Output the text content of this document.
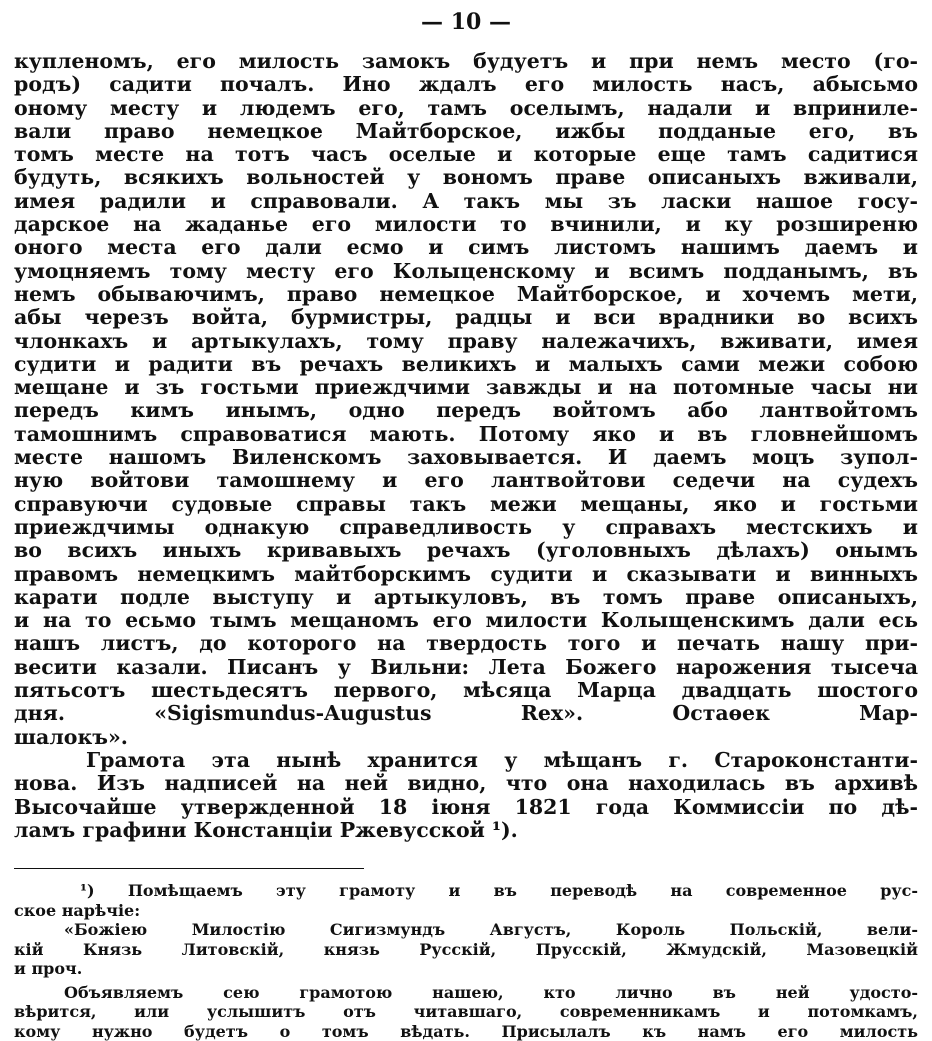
— 10 —
купленомъ, его милость замокъ будуетъ и при немъ место (го-
родъ) садити почалъ. Ино ждалъ его милость насъ, абысьмо
оному месту и людемъ его, тамъ оселымъ, надали и вприниле-
вали право немецкое Майтборское, ижбы подданые его, въ
томъ месте на тотъ часъ оселые и которые еще тамъ садитися
будуть, всякихъ вольностей у вономъ праве описаныхъ вживали,
имея радили и справовали. А такъ мы зъ ласки нашое госу-
дарское на жаданье его милости то вчинили, и ку розширеню
оного места его дали есмо и симъ листомъ нашимъ даемъ и
умоцняемъ тому месту его Колыценскому и всимъ подданымъ, въ
немъ обываючимъ, право немецкое Майтборское, и хочемъ мети,
абы черезъ войта, бурмистры, радцы и вси врадники во всихъ
члонкахъ и артыкулахъ, тому праву належачихъ, вживати, имея
судити и радити въ речахъ великихъ и малыхъ сами межи собою
мещане и зъ гостьми приеждчими завжды и на потомные часы ни
передъ кимъ инымъ, одно передъ войтомъ або лантвойтомъ
тамошнимъ справоватися мають. Потому яко и въ гловнейшомъ
месте нашомъ Виленскомъ заховывается. И даемъ моцъ зупол-
ную войтови тамошнему и его лантвойтови седечи на судехъ
справуючи судовые справы такъ межи мещаны, яко и гостьми
приеждчимы однакую справедливость у справахъ местскихъ и
во всихъ иныхъ кривавыхъ речахъ (уголовныхъ дѣлахъ) онымъ
правомъ немецкимъ майтборскимъ судити и сказывати и винныхъ
карати подле выступу и артыкуловъ, въ томъ праве описаныхъ,
и на то есьмо тымъ мещаномъ его милости Колыщенскимъ дали есь
нашъ листъ, до которого на твердость того и печать нашу при-
весити казали. Писанъ у Вильни: Лета Божего нарожения тысеча
пятьсотъ шестьдесятъ первого, мѣсяца Марца двадцать шостого
дня. «Sigismundus-Augustus Rex». Остаѳек Мар-
шалокъ».
Грамота эта нынѣ хранится у мѣщанъ г. Староконстанти-
нова. Изъ надписей на ней видно, что она находилась въ архивѣ
Высочайше утвержденной 18 іюня 1821 года Коммиссіи по дѣ-
ламъ графини Констанціи Ржевусской ¹).
¹) Помѣщаемъ эту грамоту и въ переводѣ на современное рус-
ское нарѣчіе:
«Божіею Милостію Сигизмундъ Августъ, Король Польскій, вели-
кій Князь Литовскій, князь Русскій, Прусскій, Жмудскій, Мазовецкій
и проч.
Объявляемъ сею грамотою нашею, кто лично въ ней удосто-
вѣрится, или услышитъ отъ читавшаго, современникамъ и потомкамъ,
кому нужно будетъ о томъ вѣдать. Приcылалъ къ намъ его милость
